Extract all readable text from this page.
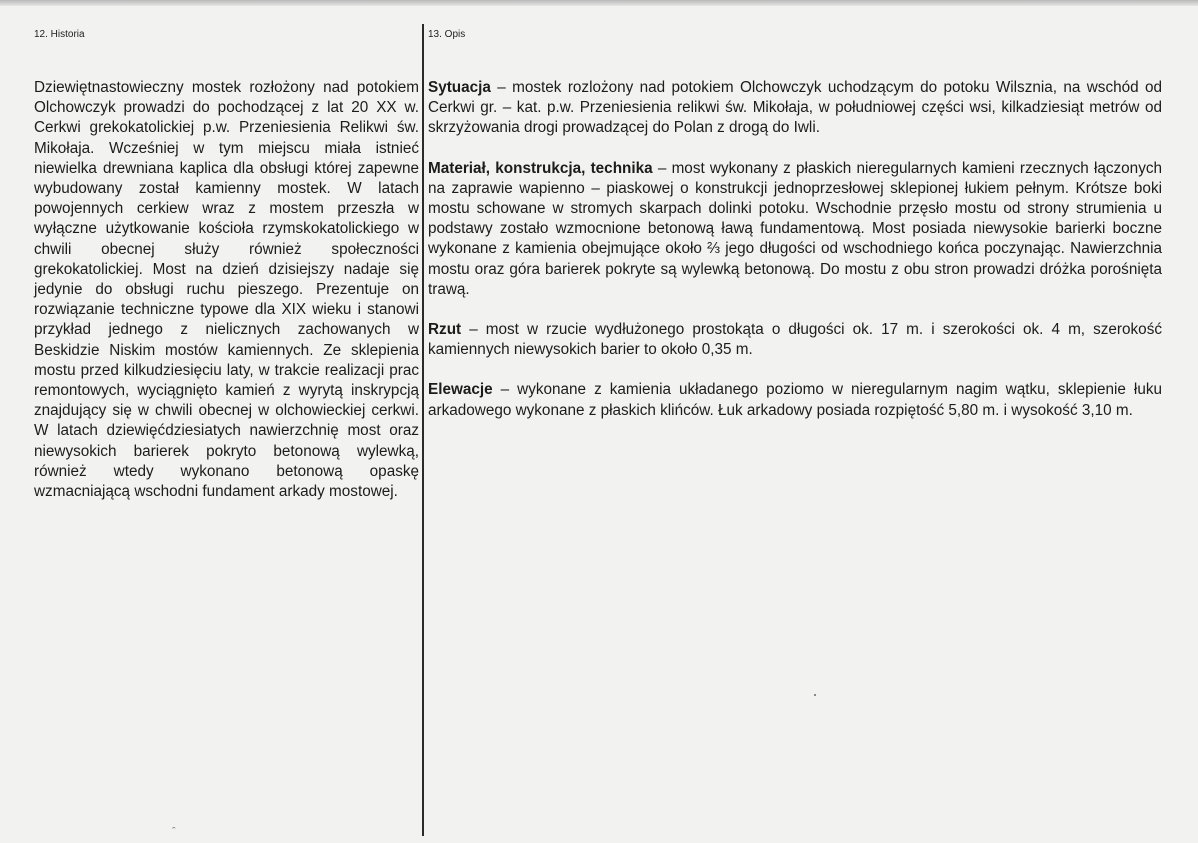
12. Historia

Dziewiętnastowieczny mostek rozłożony nad potokiem Olchowczyk prowadzi do pochodzącej z lat 20 XX w. Cerkwi grekokatolickiej p.w. Przeniesienia Relikwi św. Mikołaja. Wcześniej w tym miejscu miała istnieć niewielka drewniana kaplica dla obsługi której zapewne wybudowany został kamienny mostek. W latach powojennych cerkiew wraz z mostem przeszła w wyłączne użytkowanie kościoła rzymskokatolickiego w chwili obecnej służy również społeczności grekokatolickiej. Most na dzień dzisiejszy nadaje się jedynie do obsługi ruchu pieszego. Prezentuje on rozwiązanie techniczne typowe dla XIX wieku i stanowi przykład jednego z nielicznych zachowanych w Beskidzie Niskim mostów kamiennych. Ze sklepienia mostu przed kilkudziesięciu laty, w trakcie realizacji prac remontowych, wyciągnięto kamień z wyrytą inskrypcją znajdujący się w chwili obecnej w olchowieckiej cerkwi. W latach dziewięćdziesiatych nawierzchnię most oraz niewysokich barierek pokryto betonową wylewką, również wtedy wykonano betonową opaskę wzmacniającą wschodni fundament arkady mostowej.

13. Opis

Sytuacja – mostek rozlożony nad potokiem Olchowczyk uchodzącym do potoku Wilsznia, na wschód od Cerkwi gr. – kat. p.w. Przeniesienia relikwi św. Mikołaja, w południowej części wsi, kilkadziesiąt metrów od skrzyżowania drogi prowadzącej do Polan z drogą do Iwli.

Materiał, konstrukcja, technika – most wykonany z płaskich nieregularnych kamieni rzecznych łączonych na zaprawie wapienno – piaskowej o konstrukcji jednoprzesłowej sklepionej łukiem pełnym. Krótsze boki mostu schowane w stromych skarpach dolinki potoku. Wschodnie przęsło mostu od strony strumienia u podstawy zostało wzmocnione betonową ławą fundamentową. Most posiada niewysokie barierki boczne wykonane z kamienia obejmujące około ⅔ jego długości od wschodniego końca poczynając. Nawierzchnia mostu oraz góra barierek pokryte są wylewką betonową. Do mostu z obu stron prowadzi dróżka porośnięta trawą.

Rzut – most w rzucie wydłużonego prostokąta o długości ok. 17 m. i szerokości ok. 4 m, szerokość kamiennych niewysokich barier to około 0,35 m.

Elewacje – wykonane z kamienia układanego poziomo w nieregularnym nagim wątku, sklepienie łuku arkadowego wykonane z płaskich klińców. Łuk arkadowy posiada rozpiętość 5,80 m. i wysokość 3,10 m.

ˆ
